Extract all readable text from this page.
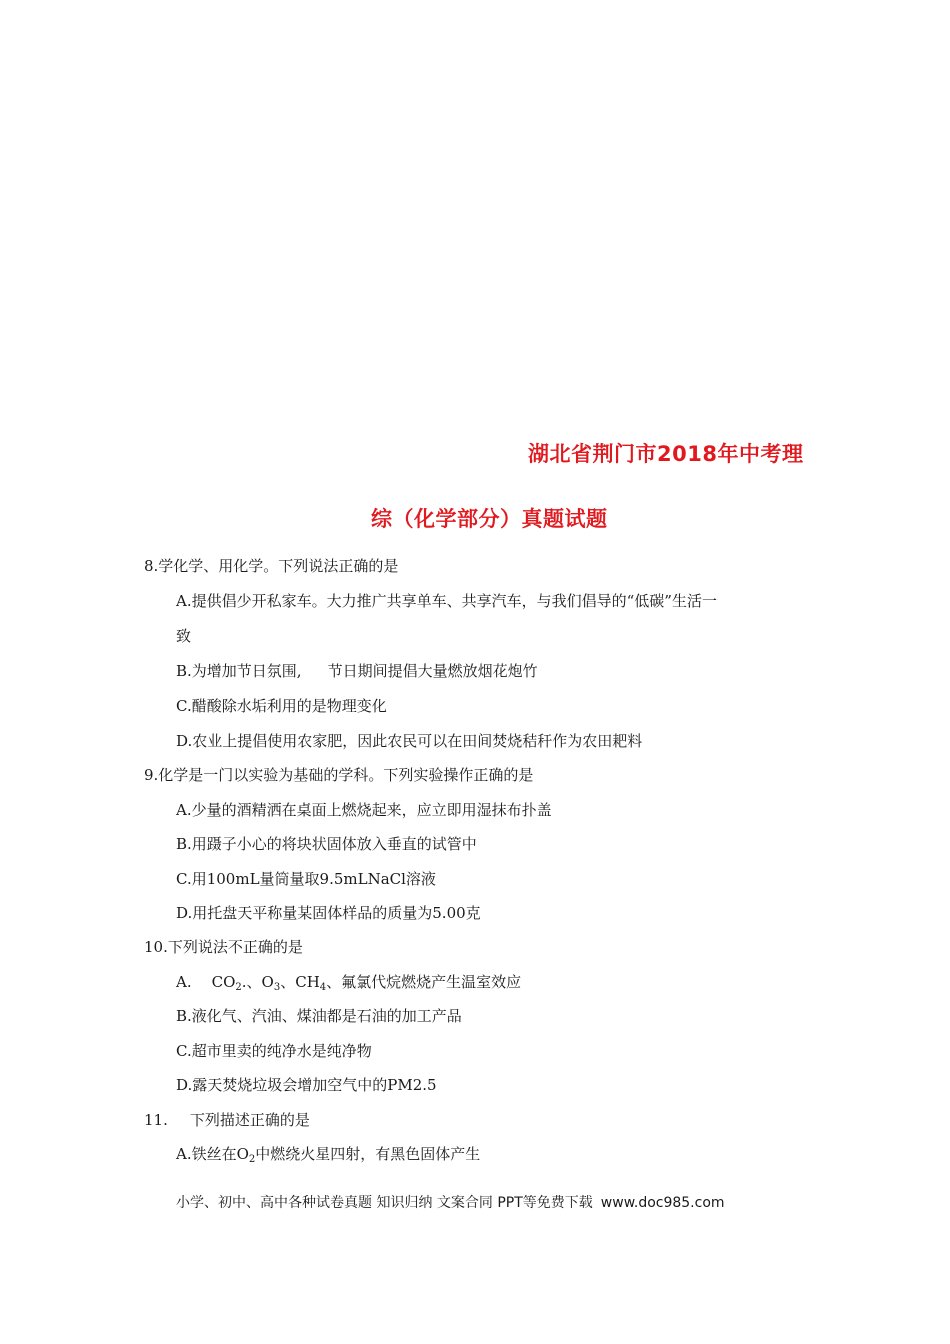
湖北省荆门市2018年中考理
综（化学部分）真题试题
8.学化学、用化学。下列说法正确的是
A.提供倡少开私家车。大力推广共享单车、共享汽车，与我们倡导的“低碳”生活一
致
B.为增加节日氛围, 节日期间提倡大量燃放烟花炮竹
C.醋酸除水垢利用的是物理变化
D.农业上提倡使用农家肥，因此农民可以在田间焚烧秸秆作为农田耙料
9.化学是一门以实验为基础的学科。下列实验操作正确的是
A.少量的酒精洒在桌面上燃烧起来，应立即用湿抹布扑盖
B.用蹑子小心的将块状固体放入垂直的试管中
C.用100mL量筒量取9.5mLNaCl溶液
D.用托盘天平称量某固体样品的质量为5.00克
10.下列说法不正确的是
A. $CO_2$.、$O_3$、$CH_4$、氟氯代烷燃烧产生温室效应
B.液化气、汽油、煤油都是石油的加工产品
C.超市里卖的纯净水是纯净物
D.露天焚烧垃圾会增加空气中的PM2.5
11. 下列描述正确的是
A.铁丝在$O_2$中燃绕火星四射，有黑色固体产生
小学、初中、高中各种试卷真题 知识归纳 文案合同 PPT等免费下载 www.doc985.com
